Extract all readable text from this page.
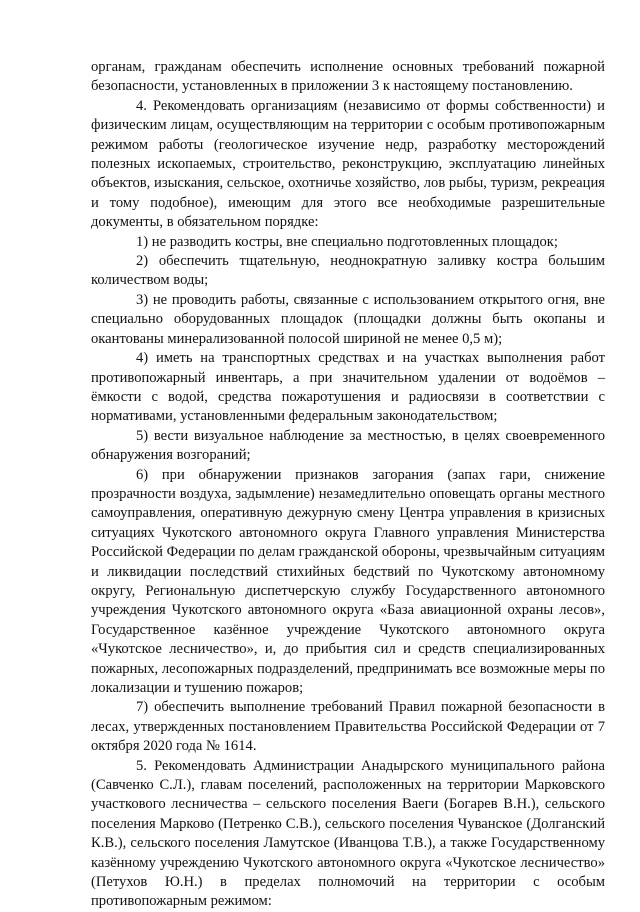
органам, гражданам обеспечить исполнение основных требований пожарной безопасности, установленных в приложении 3 к настоящему постановлению.

4. Рекомендовать организациям (независимо от формы собственности) и физическим лицам, осуществляющим на территории с особым противопожарным режимом работы (геологическое изучение недр, разработку месторождений полезных ископаемых, строительство, реконструкцию, эксплуатацию линейных объектов, изыскания, сельское, охотничье хозяйство, лов рыбы, туризм, рекреация и тому подобное), имеющим для этого все необходимые разрешительные документы, в обязательном порядке:

1) не разводить костры, вне специально подготовленных площадок;

2) обеспечить тщательную, неоднократную заливку костра большим количеством воды;

3) не проводить работы, связанные с использованием открытого огня, вне специально оборудованных площадок (площадки должны быть окопаны и окантованы минерализованной полосой шириной не менее 0,5 м);

4) иметь на транспортных средствах и на участках выполнения работ противопожарный инвентарь, а при значительном удалении от водоёмов – ёмкости с водой, средства пожаротушения и радиосвязи в соответствии с нормативами, установленными федеральным законодательством;

5) вести визуальное наблюдение за местностью, в целях своевременного обнаружения возгораний;

6) при обнаружении признаков загорания (запах гари, снижение прозрачности воздуха, задымление) незамедлительно оповещать органы местного самоуправления, оперативную дежурную смену Центра управления в кризисных ситуациях Чукотского автономного округа Главного управления Министерства Российской Федерации по делам гражданской обороны, чрезвычайным ситуациям и ликвидации последствий стихийных бедствий по Чукотскому автономному округу, Региональную диспетчерскую службу Государственного автономного учреждения Чукотского автономного округа «База авиационной охраны лесов», Государственное казённое учреждение Чукотского автономного округа «Чукотское лесничество», и, до прибытия сил и средств специализированных пожарных, лесопожарных подразделений, предпринимать все возможные меры по локализации и тушению пожаров;

7) обеспечить выполнение требований Правил пожарной безопасности в лесах, утвержденных постановлением Правительства Российской Федерации от 7 октября 2020 года № 1614.

5. Рекомендовать Администрации Анадырского муниципального района (Савченко С.Л.), главам поселений, расположенных на территории Марковского участкового лесничества – сельского поселения Ваеги (Богарев В.Н.), сельского поселения Марково (Петренко С.В.), сельского поселения Чуванское (Долганский К.В.), сельского поселения Ламутское (Иванцова Т.В.), а также Государственному казённому учреждению Чукотского автономного округа «Чукотское лесничество» (Петухов Ю.Н.) в пределах полномочий на территории с особым противопожарным режимом:
